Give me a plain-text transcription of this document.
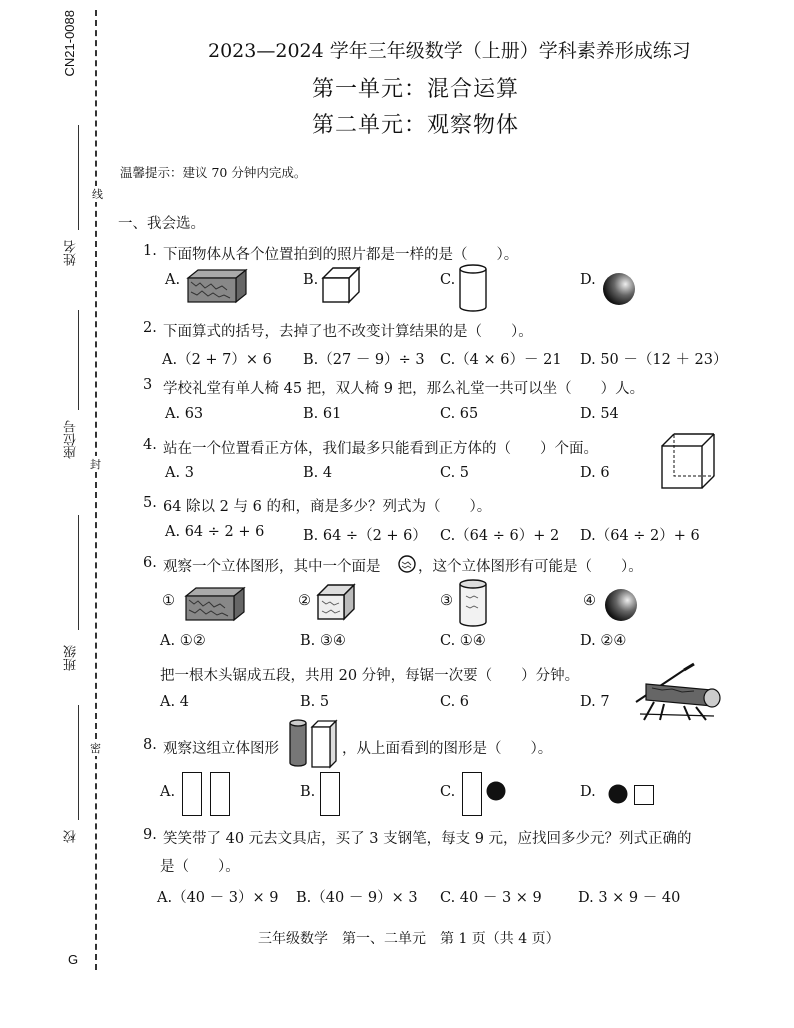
CN21-0088
姓名
线
座位号
封
班级
密
校
G
2023—2024 学年三年级数学（上册）学科素养形成练习
第一单元：混合运算
第二单元：观察物体
温馨提示：建议 70 分钟内完成。
一、我会选。
1. 下面物体从各个位置拍到的照片都是一样的是（　　）。
A.	B.	C.	D.
2. 下面算式的括号，去掉了也不改变计算结果的是（　　）。
A.（2 + 7）× 6 B.（27 － 9）÷ 3 C.（4 × 6）－ 21 D. 50 －（12 ＋ 23）
3 学校礼堂有单人椅 45 把，双人椅 9 把，那么礼堂一共可以坐（　　）人。
A. 63	B. 61	C. 65	D. 54
4. 站在一个位置看正方体，我们最多只能看到正方体的（　　）个面。
A. 3	B. 4	C. 5	D. 6
5. 64 除以 2 与 6 的和，商是多少？列式为（　　）。
A. 64 ÷ 2 + 6	B. 64 ÷（2 + 6） C.（64 ÷ 6）+ 2 D.（64 ÷ 2）+ 6
6. 观察一个立体图形，其中一个面是	，这个立体图形有可能是（　　）。
①	②	③	④
A. ①②	B. ③④	C. ①④	D. ②④
把一根木头锯成五段，共用 20 分钟，每锯一次要（　　）分钟。
A. 4	B. 5	C. 6	D. 7
8. 观察这组立体图形	，从上面看到的图形是（　　）。
A.	B.	C.	D.
9. 笑笑带了 40 元去文具店，买了 3 支钢笔，每支 9 元，应找回多少元？列式正确的
是（　　）。
A.（40 － 3）× 9 B.（40 － 9）× 3 C. 40 － 3 × 9 D. 3 × 9 － 40
三年级数学　第一、二单元　第 1 页（共 4 页）
